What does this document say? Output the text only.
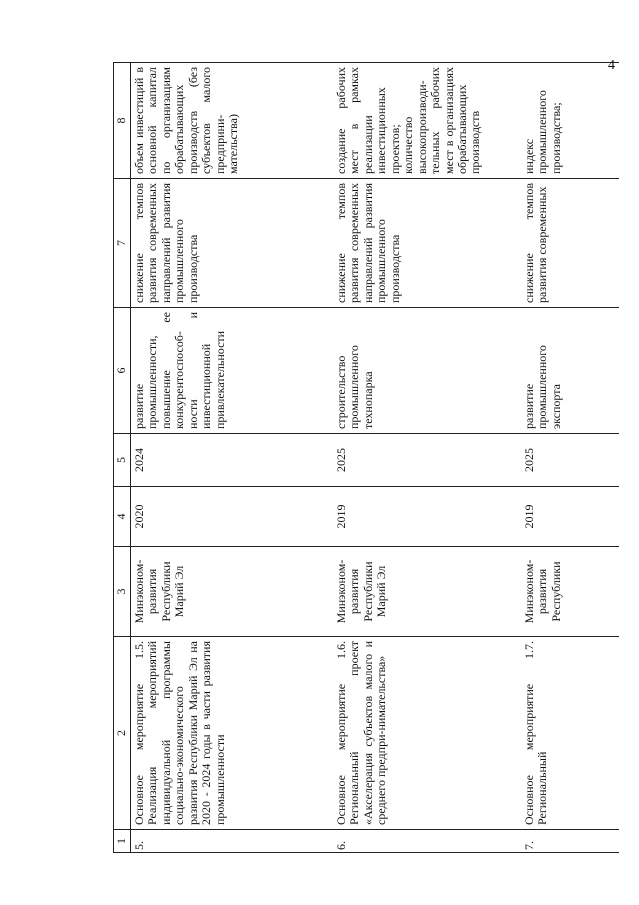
4
1	2	3	4	5	6	7	8
5.	Основное мероприятие 1.5. Реализация мероприятий индивидуальной программы социально-экономического развития Республики Марий Эл на 2020 - 2024 годы в части развития промышленности	Минэконом-развития Республики Марий Эл	2020	2024	развитие промышленности, повышение ее конкурентоспособ-ности и инвестиционной привлекательности	снижение темпов развития современных направлений развития промышленного производства	объем инвестиций в основной капитал по организациям обрабатывающих производств (без субъектов малого предприни-мательства)
6.	Основное мероприятие 1.6. Региональный проект «Акселерация субъектов малого и среднего предпри-нимательства»	Минэконом-развития Республики Марий Эл	2019	2025	строительство промышленного технопарка	снижение темпов развития современных направлений развития промышленного производства	создание рабочих мест в рамках реализации инвестиционных проектов; количество высокопроизводи-тельных рабочих мест в организациях обрабатывающих производств
7.	Основное мероприятие 1.7. Региональный	Минэконом-развития Республики	2019	2025	развитие промышленного экспорта	снижение темпов развития современных	индекс промышленного производства;
